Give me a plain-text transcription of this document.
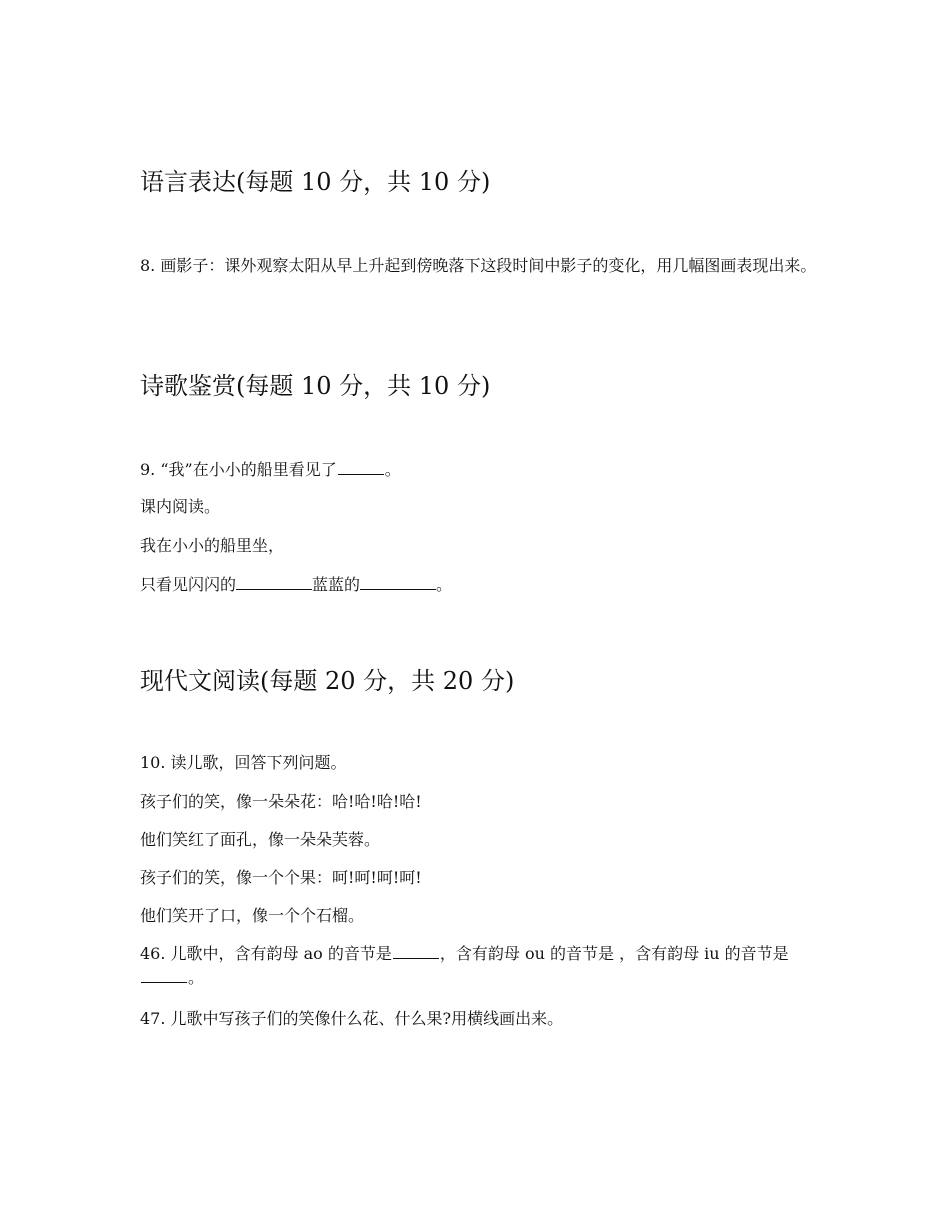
语言表达(每题 10 分，共 10 分)
8. 画影子：课外观察太阳从早上升起到傍晚落下这段时间中影子的变化，用几幅图画表现出来。
诗歌鉴赏(每题 10 分，共 10 分)
9. “我”在小小的船里看见了	。
课内阅读。
我在小小的船里坐，
只看见闪闪的	蓝蓝的	。
现代文阅读(每题 20 分，共 20 分)
10. 读儿歌，回答下列问题。
孩子们的笑，像一朵朵花：哈!哈!哈!哈!
他们笑红了面孔，像一朵朵芙蓉。
孩子们的笑，像一个个果：呵!呵!呵!呵!
他们笑开了口，像一个个石榴。
46. 儿歌中，含有韵母 ao 的音节是	，含有韵母 ou 的音节是 ，含有韵母 iu 的音节是。
47. 儿歌中写孩子们的笑像什么花、什么果?用横线画出来。
